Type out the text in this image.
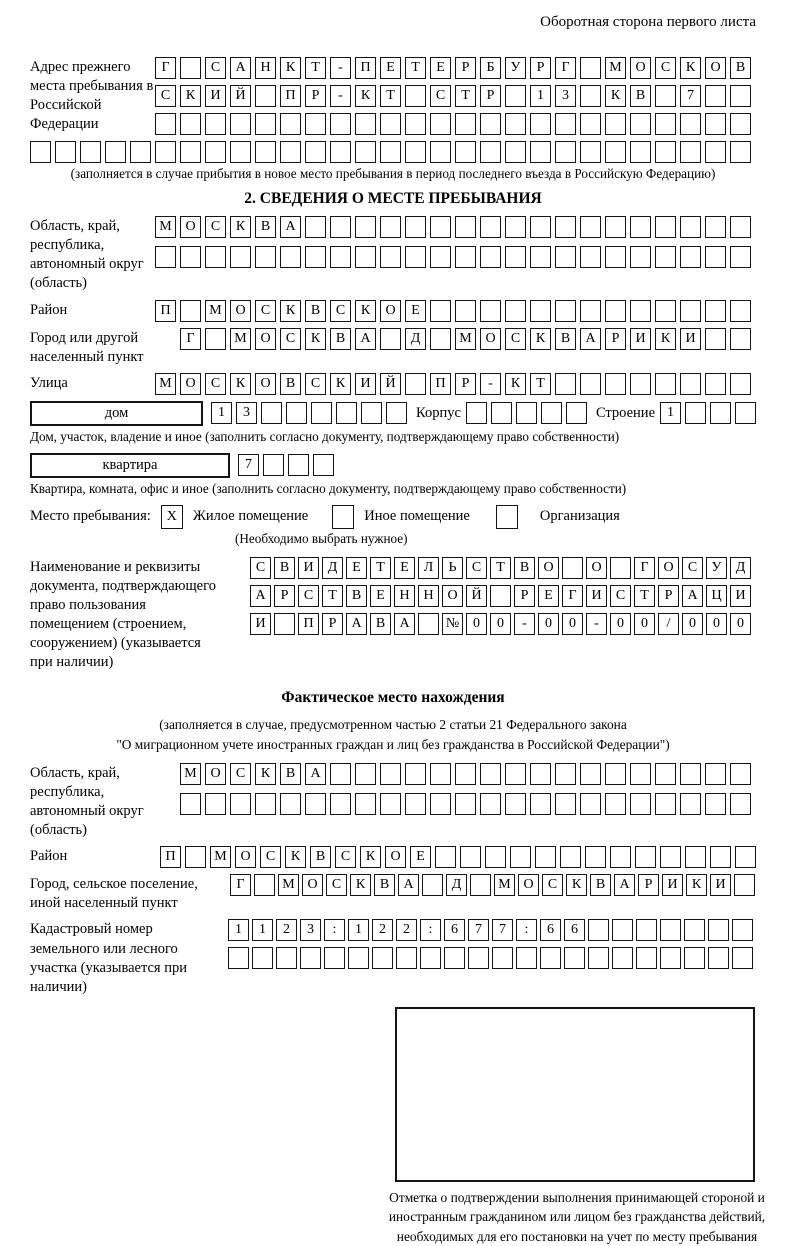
Оборотная сторона первого листа
Адрес прежнего места пребывания в Российской Федерации
Г	С	А	Н	К	Т	-	П	Е	Т	Е	Р	Б	У	Р	Г	М О	С	К	О	В
С	К	И	Й	П	Р	-	К	Т	С	Т	Р	1	3	К	В	7
(заполняется в случае прибытия в новое место пребывания в период последнего въезда в Российскую Федерацию)
2. СВЕДЕНИЯ О МЕСТЕ ПРЕБЫВАНИЯ
Область, край, республика, автономный округ (область)
М О	С	К	В	А
Район	П	М О	С	К	В	С	К	О	Е
Город или другой населенный пункт
Г	М О	С	К	В	А	Д	М О	С	К	В	А	Р	И	К	И
Улица	М О	С	К	О	В	С	К	И	Й	П	Р	-	К	Т
дом	1	3	Корпус	Строение 1
Дом, участок, владение и иное (заполнить согласно документу, подтверждающему право собственности)
квартира	7
Квартира, комната, офис и иное (заполнить согласно документу, подтверждающему право собственности)
Место пребывания:	X	Жилое помещение	Иное помещение	Организация
(Необходимо выбрать нужное)
Наименование и реквизиты документа, подтверждающего право пользования помещением (строением, сооружением) (указывается при наличии)
С	В	И	Д	Е	Т	Е	Л	Ь	С	Т	В	О	О	Г	О	С	У	Д
А	Р	С	Т	В	Е	Н Н О Й	Р	Е	Г	И	С	Т	Р	А Ц И
И	П	Р	А	В	А	№ 0	0	-	0	0	-	0	0	/	0	0	0
Фактическое место нахождения
(заполняется в случае, предусмотренном частью 2 статьи 21 Федерального закона
"О миграционном учете иностранных граждан и лиц без гражданства в Российской Федерации")
Область, край, республика, автономный округ (область)
М О	С	К	В	А
Район	П	М О	С	К	В	С	К	О	Е
Город, сельское поселение, иной населенный пункт
Г	М О	С	К	В	А	Д	М О	С	К	В	А	Р	И	К	И
Кадастровый номер земельного или лесного участка (указывается при наличии)
1	1	2	3	:	1	2	2	:	6	7	7	:	6	6
Отметка о подтверждении выполнения принимающей стороной и иностранным гражданином или лицом без гражданства действий, необходимых для его постановки на учет по месту пребывания
